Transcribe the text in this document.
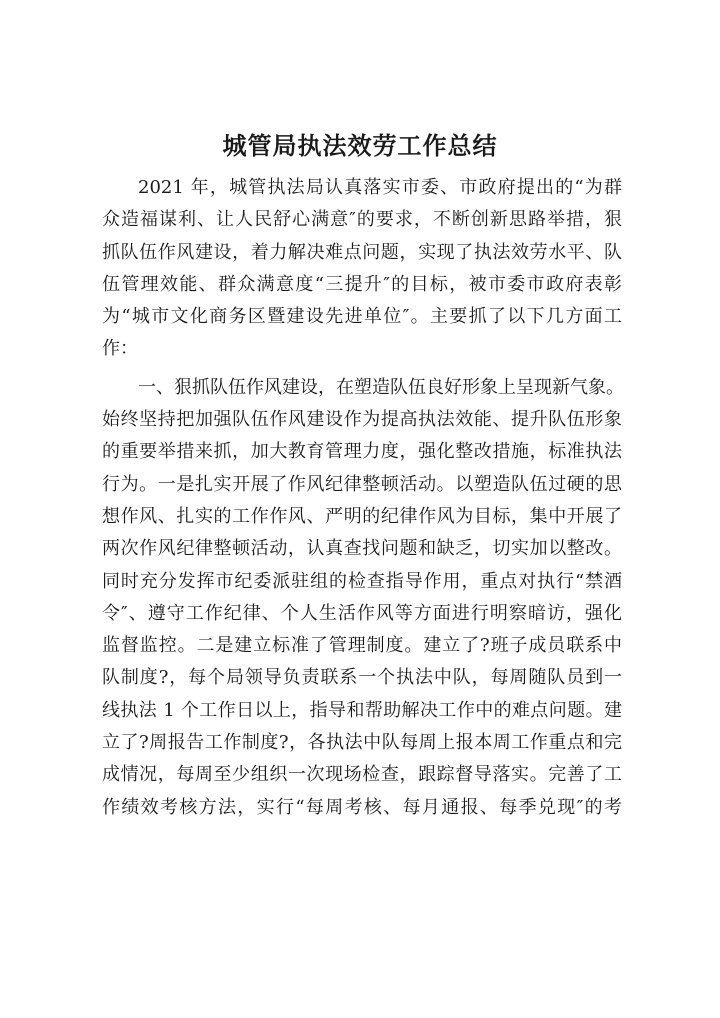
城管局执法效劳工作总结
2021 年，城管执法局认真落实市委、市政府提出的“为群
众造福谋利、让人民舒心满意″的要求，不断创新思路举措，狠
抓队伍作风建设，着力解决难点问题，实现了执法效劳水平、队
伍管理效能、群众满意度“三提升″的目标，被市委市政府表彰
为“城市文化商务区暨建设先进单位″。主要抓了以下几方面工
作：
一、狠抓队伍作风建设，在塑造队伍良好形象上呈现新气象。
始终坚持把加强队伍作风建设作为提高执法效能、提升队伍形象
的重要举措来抓，加大教育管理力度，强化整改措施，标准执法
行为。一是扎实开展了作风纪律整顿活动。以塑造队伍过硬的思
想作风、扎实的工作作风、严明的纪律作风为目标，集中开展了
两次作风纪律整顿活动，认真查找问题和缺乏，切实加以整改。
同时充分发挥市纪委派驻组的检查指导作用，重点对执行“禁酒
令″、遵守工作纪律、个人生活作风等方面进行明察暗访，强化
监督监控。二是建立标准了管理制度。建立了?班子成员联系中
队制度?，每个局领导负责联系一个执法中队，每周随队员到一
线执法 1 个工作日以上，指导和帮助解决工作中的难点问题。建
立了?周报告工作制度?，各执法中队每周上报本周工作重点和完
成情况，每周至少组织一次现场检查，跟踪督导落实。完善了工
作绩效考核方法，实行“每周考核、每月通报、每季兑现″的考
